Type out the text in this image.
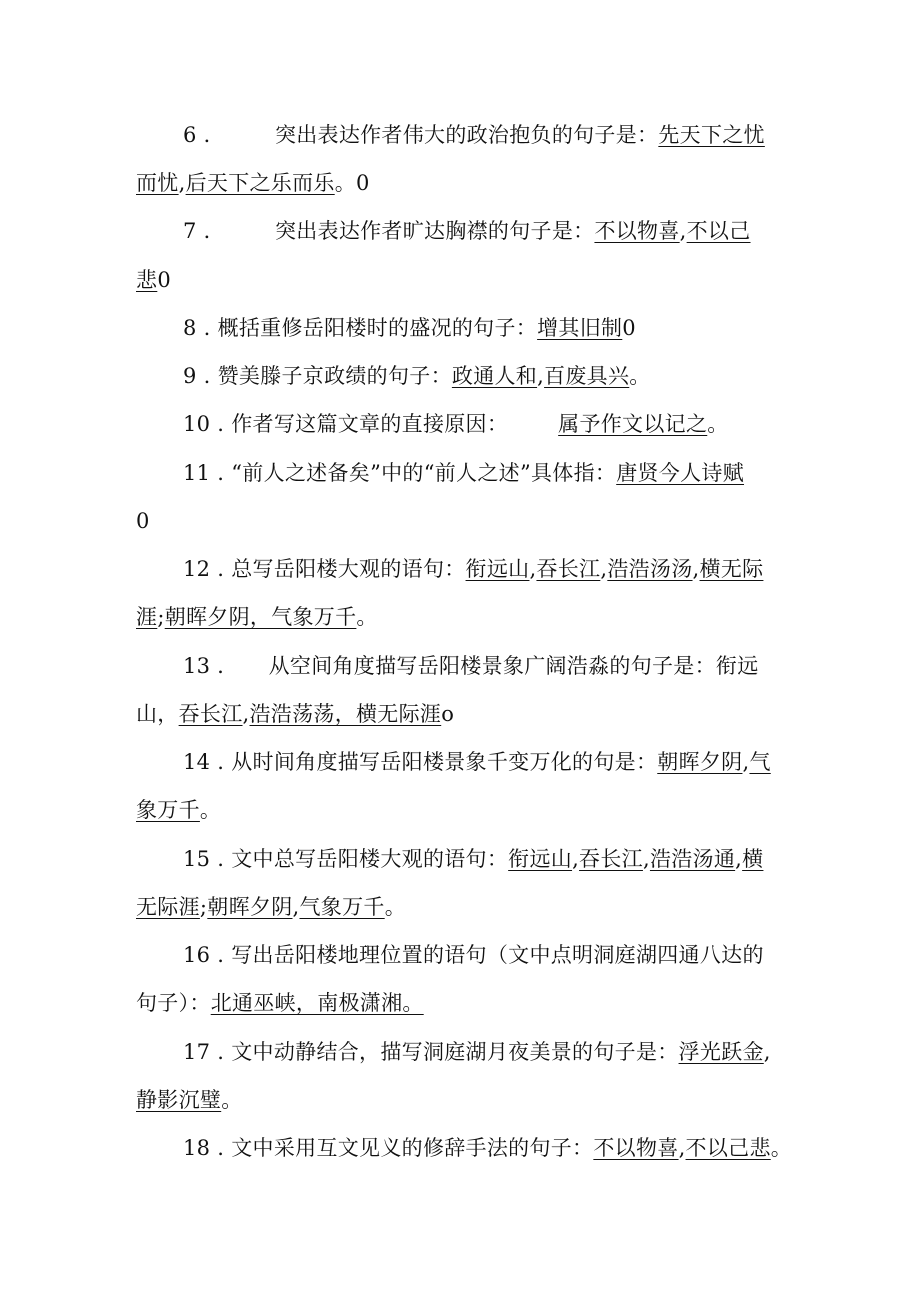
6 ． 突出表达作者伟大的政治抱负的句子是：先天下之忧
而忧,后天下之乐而乐。0
7 ． 突出表达作者旷达胸襟的句子是：不以物喜,不以己
悲0
8 . 概括重修岳阳楼时的盛况的句子：增其旧制0
9 . 赞美滕子京政绩的句子：政通人和,百废具兴。
10 . 作者写这篇文章的直接原因： 属予作文以记之。
11 . “前人之述备矣”中的“前人之述”具体指：唐贤今人诗赋
0
12 . 总写岳阳楼大观的语句：衔远山,吞长江,浩浩汤汤,横无际
涯;朝晖夕阴，气象万千。
13 ． 从空间角度描写岳阳楼景象广阔浩淼的句子是：衔远
山，吞长江,浩浩荡荡，横无际涯o
14 . 从时间角度描写岳阳楼景象千变万化的句是：朝晖夕阴,气
象万千。
15 . 文中总写岳阳楼大观的语句：衔远山,吞长江,浩浩汤通,横
无际涯;朝晖夕阴,气象万千。
16 . 写出岳阳楼地理位置的语句（文中点明洞庭湖四通八达的
句子）：北通巫峡，南极潇湘。
17 . 文中动静结合，描写洞庭湖月夜美景的句子是：浮光跃金,
静影沉璧。
18 . 文中采用互文见义的修辞手法的句子：不以物喜,不以己悲。
